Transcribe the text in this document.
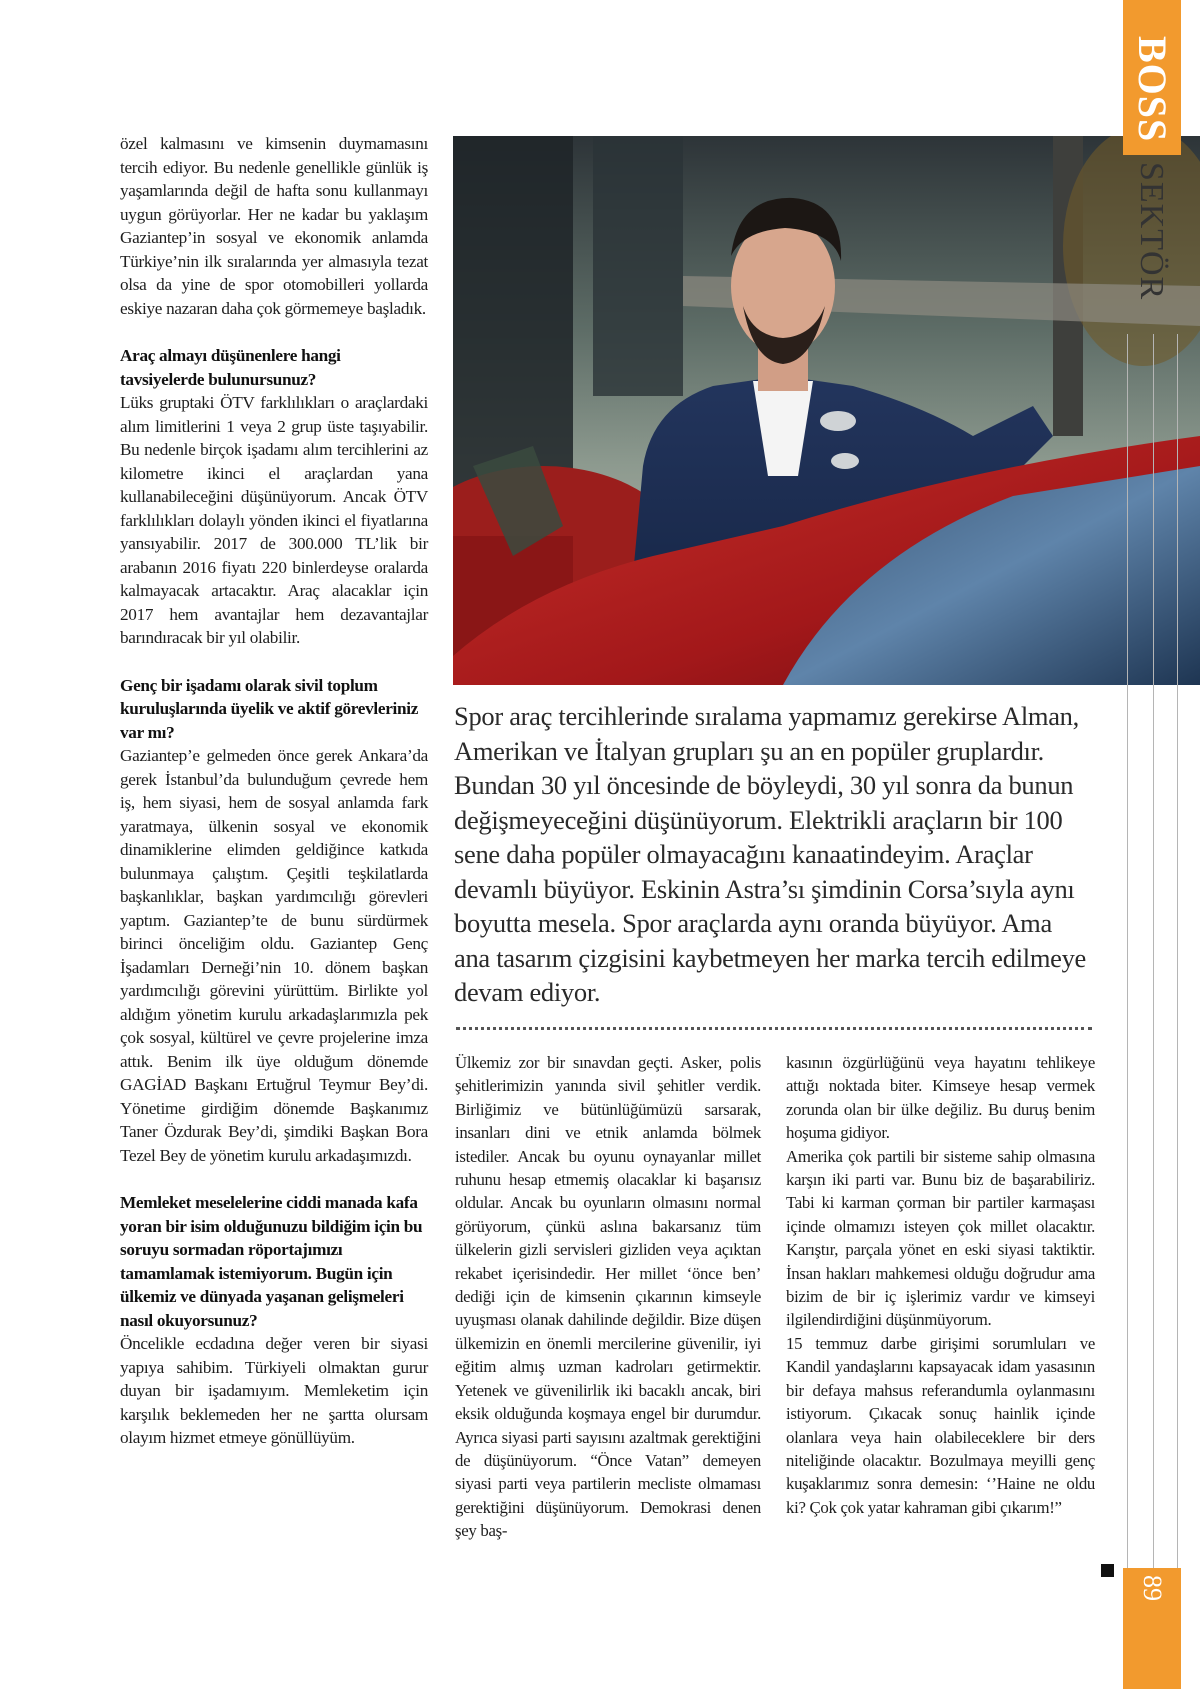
özel kalmasını ve kimsenin duymamasını tercih ediyor. Bu nedenle genellikle günlük iş yaşamlarında değil de hafta sonu kullanmayı uygun görüyorlar. Her ne kadar bu yaklaşım Gaziantep’in sosyal ve ekonomik anlamda Türkiye’nin ilk sıralarında yer almasıyla tezat olsa da yine de spor otomobilleri yollarda eskiye nazaran daha çok görmemeye başladık.

Araç almayı düşünenlere hangi tavsiyelerde bulunursunuz?

Lüks gruptaki ÖTV farklılıkları o araçlardaki alım limitlerini 1 veya 2 grup üste taşıyabilir. Bu nedenle birçok işadamı alım tercihlerini az kilometre ikinci el araçlardan yana kullanabileceğini düşünüyorum. Ancak ÖTV farklılıkları dolaylı yönden ikinci el fiyatlarına yansıyabilir. 2017 de 300.000 TL’lik bir arabanın 2016 fiyatı 220 binlerdeyse oralarda kalmayacak artacaktır. Araç alacaklar için 2017 hem avantajlar hem dezavantajlar barındıracak bir yıl olabilir.

Genç bir işadamı olarak sivil toplum kuruluşlarında üyelik ve aktif görevleriniz var mı?

Gaziantep’e gelmeden önce gerek Ankara’da gerek İstanbul’da bulunduğum çevrede hem iş, hem siyasi, hem de sosyal anlamda fark yaratmaya, ülkenin sosyal ve ekonomik dinamiklerine elimden geldiğince katkıda bulunmaya çalıştım. Çeşitli teşkilatlarda başkanlıklar, başkan yardımcılığı görevleri yaptım. Gaziantep’te de bunu sürdürmek birinci önceliğim oldu. Gaziantep Genç İşadamları Derneği’nin 10. dönem başkan yardımcılığı görevini yürüttüm. Birlikte yol aldığım yönetim kurulu arkadaşlarımızla pek çok sosyal, kültürel ve çevre projelerine imza attık. Benim ilk üye olduğum dönemde GAGİAD Başkanı Ertuğrul Teymur Bey’di. Yönetime girdiğim dönemde Başkanımız Taner Özdurak Bey’di, şimdiki Başkan Bora Tezel Bey de yönetim kurulu arkadaşımızdı.

Memleket meselelerine ciddi manada kafa yoran bir isim olduğunuzu bildiğim için bu soruyu sormadan röportajımızı tamamlamak istemiyorum. Bugün için ülkemiz ve dünyada yaşanan gelişmeleri nasıl okuyorsunuz?

Öncelikle ecdadına değer veren bir siyasi yapıya sahibim. Türkiyeli olmaktan gurur duyan bir işadamıyım. Memleketim için karşılık beklemeden her ne şartta olursam olayım hizmet etmeye gönüllüyüm.

Spor araç tercihlerinde sıralama yapmamız gerekirse Alman, Amerikan ve İtalyan grupları şu an en popüler gruplardır. Bundan 30 yıl öncesinde de böyleydi, 30 yıl sonra da bunun değişmeyeceğini düşünüyorum. Elektrikli araçların bir 100 sene daha popüler olmayacağını kanaatindeyim. Araçlar devamlı büyüyor. Eskinin Astra’sı şimdinin Corsa’sıyla aynı boyutta mesela. Spor araçlarda aynı oranda büyüyor. Ama ana tasarım çizgisini kaybetmeyen her marka tercih edilmeye devam ediyor.

Ülkemiz zor bir sınavdan geçti. Asker, polis şehitlerimizin yanında sivil şehitler verdik. Birliğimiz ve bütünlüğümüzü sarsarak, insanları dini ve etnik anlamda bölmek istediler. Ancak bu oyunu oynayanlar millet ruhunu hesap etmemiş olacaklar ki başarısız oldular. Ancak bu oyunların olmasını normal görüyorum, çünkü aslına bakarsanız tüm ülkelerin gizli servisleri gizliden veya açıktan rekabet içerisindedir. Her millet ‘önce ben’ dediği için de kimsenin çıkarının kimseyle uyuşması olanak dahilinde değildir. Bize düşen ülkemizin en önemli mercilerine güvenilir, iyi eğitim almış uzman kadroları getirmektir. Yetenek ve güvenilirlik iki bacaklı ancak, biri eksik olduğunda koşmaya engel bir durumdur. Ayrıca siyasi parti sayısını azaltmak gerektiğini de düşünüyorum. “Önce Vatan” demeyen siyasi parti veya partilerin mecliste olmaması gerektiğini düşünüyorum. Demokrasi denen şey baş-

kasının özgürlüğünü veya hayatını tehlikeye attığı noktada biter. Kimseye hesap vermek zorunda olan bir ülke değiliz. Bu duruş benim hoşuma gidiyor.

Amerika çok partili bir sisteme sahip olmasına karşın iki parti var. Bunu biz de başarabiliriz. Tabi ki karman çorman bir partiler karmaşası içinde olmamızı isteyen çok millet olacaktır. Karıştır, parçala yönet en eski siyasi taktiktir. İnsan hakları mahkemesi olduğu doğrudur ama bizim de bir iç işlerimiz vardır ve kimseyi ilgilendirdiğini düşünmüyorum.

15 temmuz darbe girişimi sorumluları ve Kandil yandaşlarını kapsayacak idam yasasının bir defaya mahsus referandumla oylanmasını istiyorum. Çıkacak sonuç hainlik içinde olanlara veya hain olabileceklere bir ders niteliğinde olacaktır. Bozulmaya meyilli genç kuşaklarımız sonra demesin: ‘’Haine ne oldu ki? Çok çok yatar kahraman gibi çıkarım!”

BOSS
SEKTÖR
89
